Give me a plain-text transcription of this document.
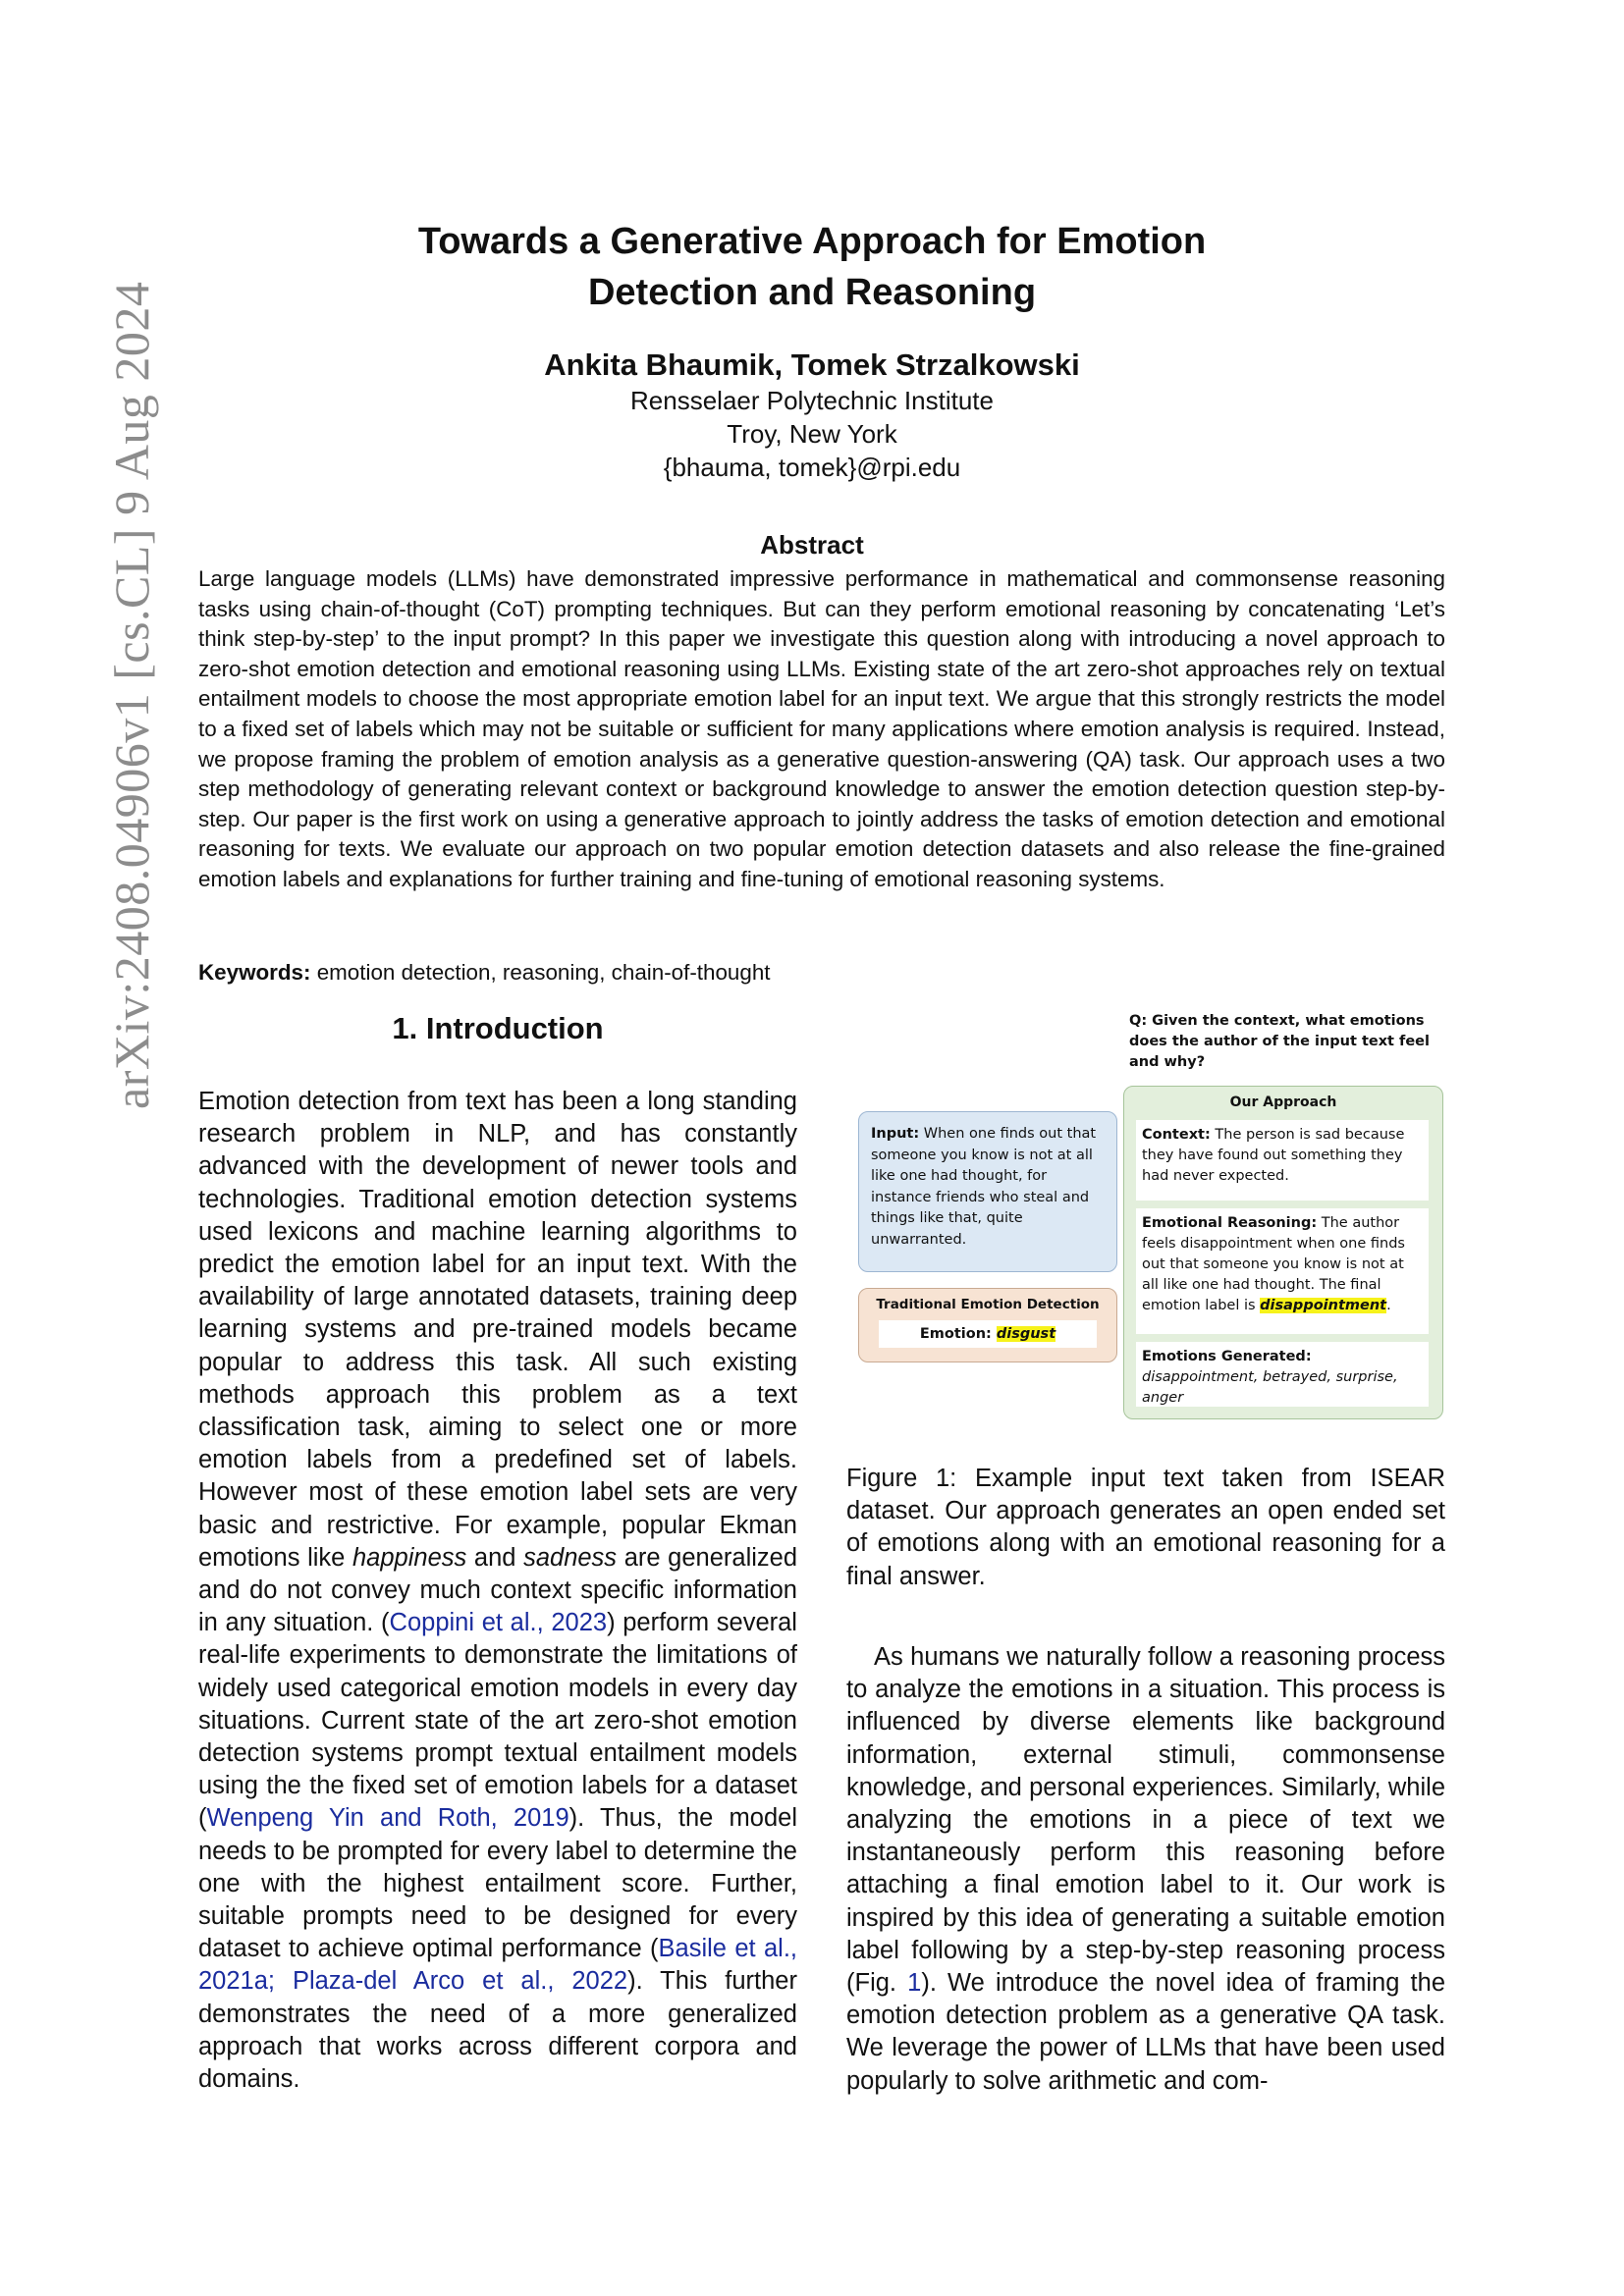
arXiv:2408.04906v1 [cs.CL] 9 Aug 2024
Towards a Generative Approach for Emotion
Detection and Reasoning
Ankita Bhaumik, Tomek Strzalkowski
Rensselaer Polytechnic Institute
Troy, New York
{bhauma, tomek}@rpi.edu
Abstract

Large language models (LLMs) have demonstrated impressive performance in mathematical and commonsense reasoning tasks using chain-of-thought (CoT) prompting techniques. But can they perform emotional reasoning by concatenating ‘Let’s think step-by-step’ to the input prompt? In this paper we investigate this question along with introducing a novel approach to zero-shot emotion detection and emotional reasoning using LLMs. Existing state of the art zero-shot approaches rely on textual entailment models to choose the most appropriate emotion label for an input text. We argue that this strongly restricts the model to a fixed set of labels which may not be suitable or sufficient for many applications where emotion analysis is required. Instead, we propose framing the problem of emotion analysis as a generative question-answering (QA) task. Our approach uses a two step methodology of generating relevant context or background knowledge to answer the emotion detection question step-by-step. Our paper is the first work on using a generative approach to jointly address the tasks of emotion detection and emotional reasoning for texts. We evaluate our approach on two popular emotion detection datasets and also release the fine-grained emotion labels and explanations for further training and fine-tuning of emotional reasoning systems.

Keywords: emotion detection, reasoning, chain-of-thought
1. Introduction

Emotion detection from text has been a long standing research problem in NLP, and has constantly advanced with the development of newer tools and technologies. Traditional emotion detection systems used lexicons and machine learning algorithms to predict the emotion label for an input text. With the availability of large annotated datasets, training deep learning systems and pre-trained models became popular to address this task. All such existing methods approach this problem as a text classification task, aiming to select one or more emotion labels from a predefined set of labels. However most of these emotion label sets are very basic and restrictive. For example, popular Ekman emotions like happiness and sadness are generalized and do not convey much context specific information in any situation. (Coppini et al., 2023) perform several real-life experiments to demonstrate the limitations of widely used categorical emotion models in every day situations. Current state of the art zero-shot emotion detection systems prompt textual entailment models using the the fixed set of emotion labels for a dataset (Wenpeng Yin and Roth, 2019). Thus, the model needs to be prompted for every label to determine the one with the highest entailment score. Further, suitable prompts need to be designed for every dataset to achieve optimal performance (Basile et al., 2021a; Plaza-del Arco et al., 2022). This further demonstrates the need of a more generalized approach that works across different corpora and domains.

Q: Given the context, what emotions does the author of the input text feel and why?
Input: When one finds out that someone you know is not at all like one had thought, for instance friends who steal and things like that, quite unwarranted.
Traditional Emotion Detection
Emotion: disgust
Our Approach
Context: The person is sad because they have found out something they had never expected.
Emotional Reasoning: The author feels disappointment when one finds out that someone you know is not at all like one had thought. The final emotion label is disappointment.
Emotions Generated:
disappointment, betrayed, surprise, anger

Figure 1: Example input text taken from ISEAR dataset. Our approach generates an open ended set of emotions along with an emotional reasoning for a final answer.

As humans we naturally follow a reasoning process to analyze the emotions in a situation. This process is influenced by diverse elements like background information, external stimuli, commonsense knowledge, and personal experiences. Similarly, while analyzing the emotions in a piece of text we instantaneously perform this reasoning before attaching a final emotion label to it. Our work is inspired by this idea of generating a suitable emotion label following by a step-by-step reasoning process (Fig. 1). We introduce the novel idea of framing the emotion detection problem as a generative QA task. We leverage the power of LLMs that have been used popularly to solve arithmetic and com-
